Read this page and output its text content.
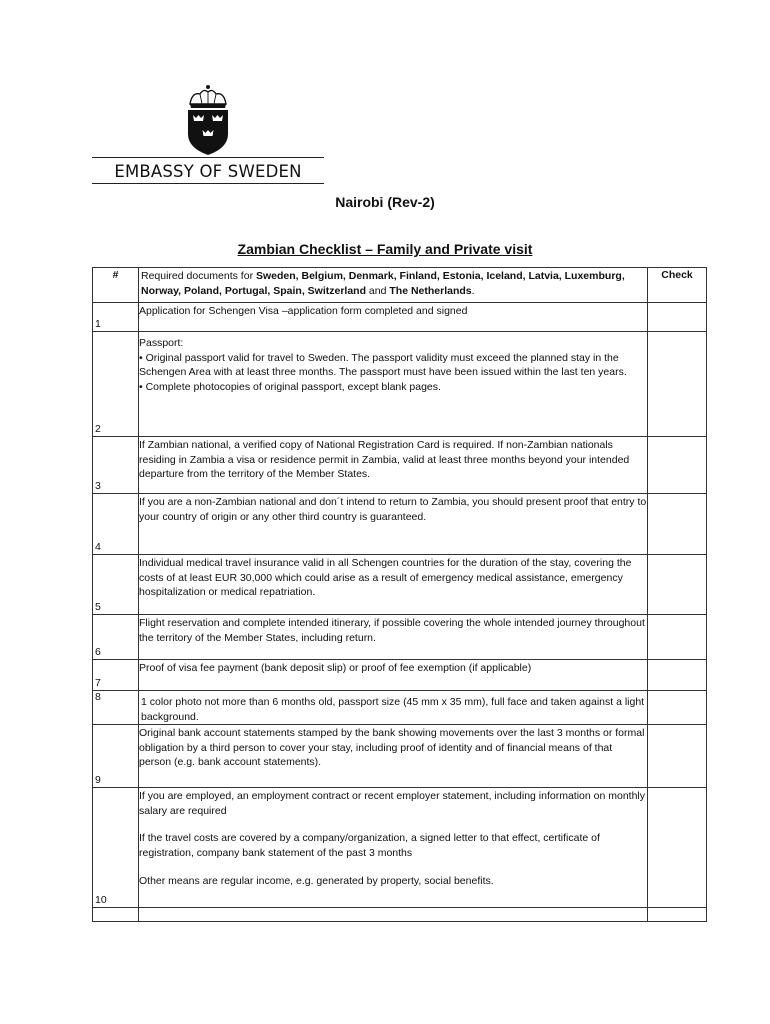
EMBASSY OF SWEDEN
Nairobi (Rev-2)
Zambian Checklist – Family and Private visit
#	Required documents for Sweden, Belgium, Denmark, Finland, Estonia, Iceland, Latvia, Luxemburg, Norway, Poland, Portugal, Spain, Switzerland and The Netherlands.	Check

1	Application for Schengen Visa –application form completed and signed	

2	Passport:
• Original passport valid for travel to Sweden. The passport validity must exceed the planned stay in the Schengen Area with at least three months. The passport must have been issued within the last ten years.
• Complete photocopies of original passport, except blank pages.	

3	If Zambian national, a verified copy of National Registration Card is required. If non-Zambian nationals residing in Zambia a visa or residence permit in Zambia, valid at least three months beyond your intended departure from the territory of the Member States.	

4	If you are a non-Zambian national and don´t intend to return to Zambia, you should present proof that entry to your country of origin or any other third country is guaranteed.	

5	Individual medical travel insurance valid in all Schengen countries for the duration of the stay, covering the costs of at least EUR 30,000 which could arise as a result of emergency medical assistance, emergency hospitalization or medical repatriation.	

6	Flight reservation and complete intended itinerary, if possible covering the whole intended journey throughout the territory of the Member States, including return.	

7	Proof of visa fee payment (bank deposit slip) or proof of fee exemption (if applicable)	

8	1 color photo not more than 6 months old, passport size (45 mm x 35 mm), full face and taken against a light background.	

9	Original bank account statements stamped by the bank showing movements over the last 3 months or formal obligation by a third person to cover your stay, including proof of identity and of financial means of that person (e.g. bank account statements).	

10	If you are employed, an employment contract or recent employer statement, including information on monthly salary are required
If the travel costs are covered by a company/organization, a signed letter to that effect, certificate of registration, company bank statement of the past 3 months
Other means are regular income, e.g. generated by property, social benefits.	
